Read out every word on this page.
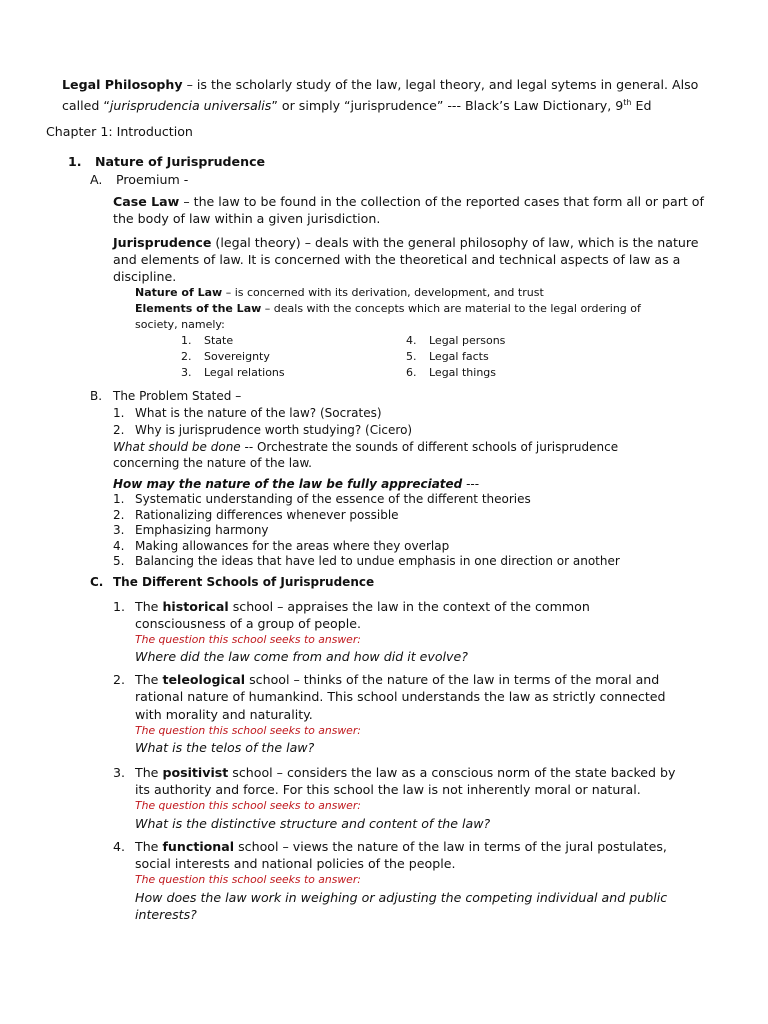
Legal Philosophy – is the scholarly study of the law, legal theory, and legal sytems in general. Also
called “jurisprudencia universalis” or simply “jurisprudence” --- Black’s Law Dictionary, 9th Ed
Chapter 1: Introduction
1. Nature of Jurisprudence
A. Proemium -
Case Law – the law to be found in the collection of the reported cases that form all or part of
the body of law within a given jurisdiction.
Jurisprudence (legal theory) – deals with the general philosophy of law, which is the nature
and elements of law. It is concerned with the theoretical and technical aspects of law as a
discipline.
Nature of Law – is concerned with its derivation, development, and trust
Elements of the Law – deals with the concepts which are material to the legal ordering of
society, namely:
1. State
2. Sovereignty
3. Legal relations
4. Legal persons
5. Legal facts
6. Legal things
B. The Problem Stated –
1. What is the nature of the law? (Socrates)
2. Why is jurisprudence worth studying? (Cicero)
What should be done -- Orchestrate the sounds of different schools of jurisprudence
concerning the nature of the law.
How may the nature of the law be fully appreciated ---
1. Systematic understanding of the essence of the different theories
2. Rationalizing differences whenever possible
3. Emphasizing harmony
4. Making allowances for the areas where they overlap
5. Balancing the ideas that have led to undue emphasis in one direction or another
C. The Different Schools of Jurisprudence
1. The historical school – appraises the law in the context of the common
consciousness of a group of people.
The question this school seeks to answer:
Where did the law come from and how did it evolve?
2. The teleological school – thinks of the nature of the law in terms of the moral and
rational nature of humankind. This school understands the law as strictly connected
with morality and naturality.
The question this school seeks to answer:
What is the telos of the law?
3. The positivist school – considers the law as a conscious norm of the state backed by
its authority and force. For this school the law is not inherently moral or natural.
The question this school seeks to answer:
What is the distinctive structure and content of the law?
4. The functional school – views the nature of the law in terms of the jural postulates,
social interests and national policies of the people.
The question this school seeks to answer:
How does the law work in weighing or adjusting the competing individual and public
interests?
